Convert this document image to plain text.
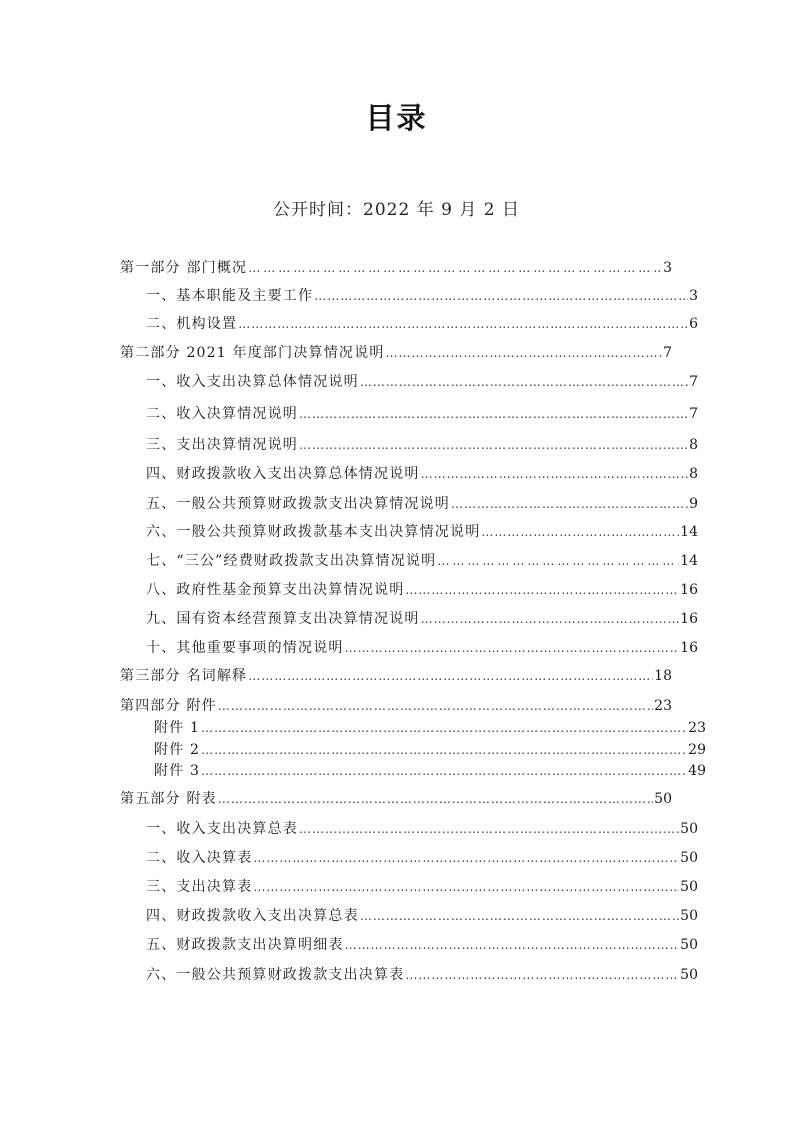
目录
公开时间：2022 年 9 月 2 日
第一部分 部门概况 ………………………………………………………………………………………………………………………………………………………………	3
一、基本职能及主要工作 ……………………………………………………………………………………………………………………………………………………………………………………	3
二、机构设置 ……………………………………………………………………………………………………………………………………………………………………………………	6
第二部分 2021 年度部门决算情况说明 ……………………………………………………………………………………………………………………………………………………………………………………	7
一、收入支出决算总体情况说明 ……………………………………………………………………………………………………………………………………………………………………………………	7
二、收入决算情况说明 ……………………………………………………………………………………………………………………………………………………………………………………	7
三、支出决算情况说明 ……………………………………………………………………………………………………………………………………………………………………………………	8
四、财政拨款收入支出决算总体情况说明 ……………………………………………………………………………………………………………………………………………………………………………………	8
五、一般公共预算财政拨款支出决算情况说明 ……………………………………………………………………………………………………………………………………………………………………………………	9
六、一般公共预算财政拨款基本支出决算情况说明 ……………………………………………………………………………………………………………………………………………………………………………………	14
七、“三公”经费财政拨款支出决算情况说明 ………………………………………………………………………………………………………………………………………………………………	14
八、政府性基金预算支出决算情况说明 ……………………………………………………………………………………………………………………………………………………………………………………	16
九、国有资本经营预算支出决算情况说明 ……………………………………………………………………………………………………………………………………………………………………………………	16
十、其他重要事项的情况说明 ……………………………………………………………………………………………………………………………………………………………………………………	16
第三部分 名词解释 ……………………………………………………………………………………………………………………………………………………………………………………	18
第四部分 附件 ……………………………………………………………………………………………………………………………………………………………………………………	23
附件 1 ……………………………………………………………………………………………………………………………………………………………………………………	23
附件 2 ……………………………………………………………………………………………………………………………………………………………………………………	29
附件 3 ……………………………………………………………………………………………………………………………………………………………………………………	49
第五部分 附表 ……………………………………………………………………………………………………………………………………………………………………………………	50
一、收入支出决算总表 ……………………………………………………………………………………………………………………………………………………………………………………	50
二、收入决算表 ……………………………………………………………………………………………………………………………………………………………………………………	50
三、支出决算表 ……………………………………………………………………………………………………………………………………………………………………………………	50
四、财政拨款收入支出决算总表 ……………………………………………………………………………………………………………………………………………………………………………………	50
五、财政拨款支出决算明细表 ……………………………………………………………………………………………………………………………………………………………………………………	50
六、一般公共预算财政拨款支出决算表 ……………………………………………………………………………………………………………………………………………………………………………………	50
